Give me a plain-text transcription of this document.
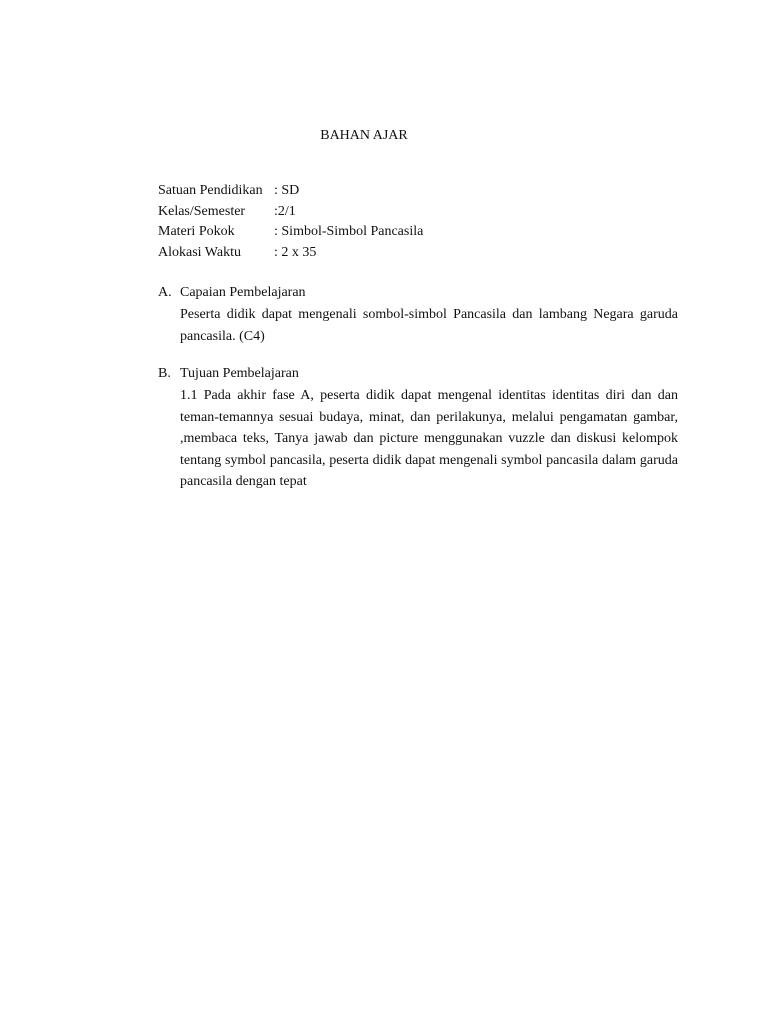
BAHAN AJAR
Satuan Pendidikan	: SD
Kelas/Semester	:2/1
Materi Pokok	: Simbol-Simbol Pancasila
Alokasi Waktu	: 2 x 35
A. Capaian Pembelajaran

Peserta didik dapat mengenali sombol-simbol Pancasila dan lambang Negara garuda pancasila. (C4)

B. Tujuan Pembelajaran

1.1 Pada akhir fase A, peserta didik dapat mengenal identitas identitas diri dan dan teman-temannya sesuai budaya, minat, dan perilakunya, melalui pengamatan gambar, ,membaca teks, Tanya jawab dan picture menggunakan vuzzle dan diskusi kelompok tentang symbol pancasila, peserta didik dapat mengenali symbol pancasila dalam garuda pancasila dengan tepat
